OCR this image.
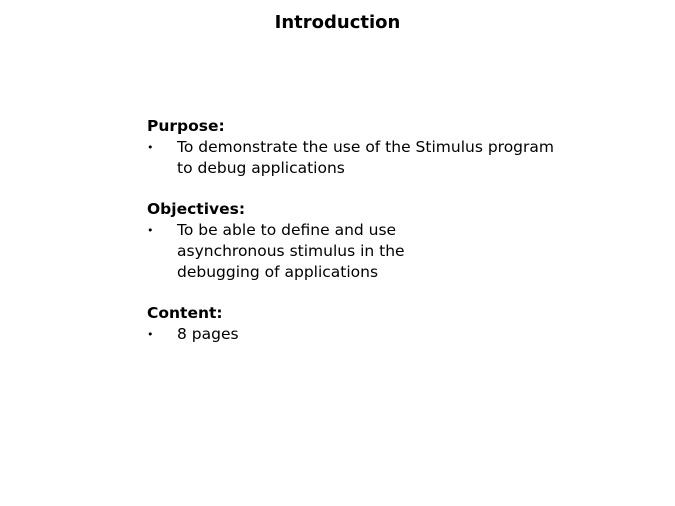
Introduction
Purpose:
• To demonstrate the use of the Stimulus program to debug applications
Objectives:
• To be able to define and use asynchronous stimulus in the debugging of applications
Content:
• 8 pages
